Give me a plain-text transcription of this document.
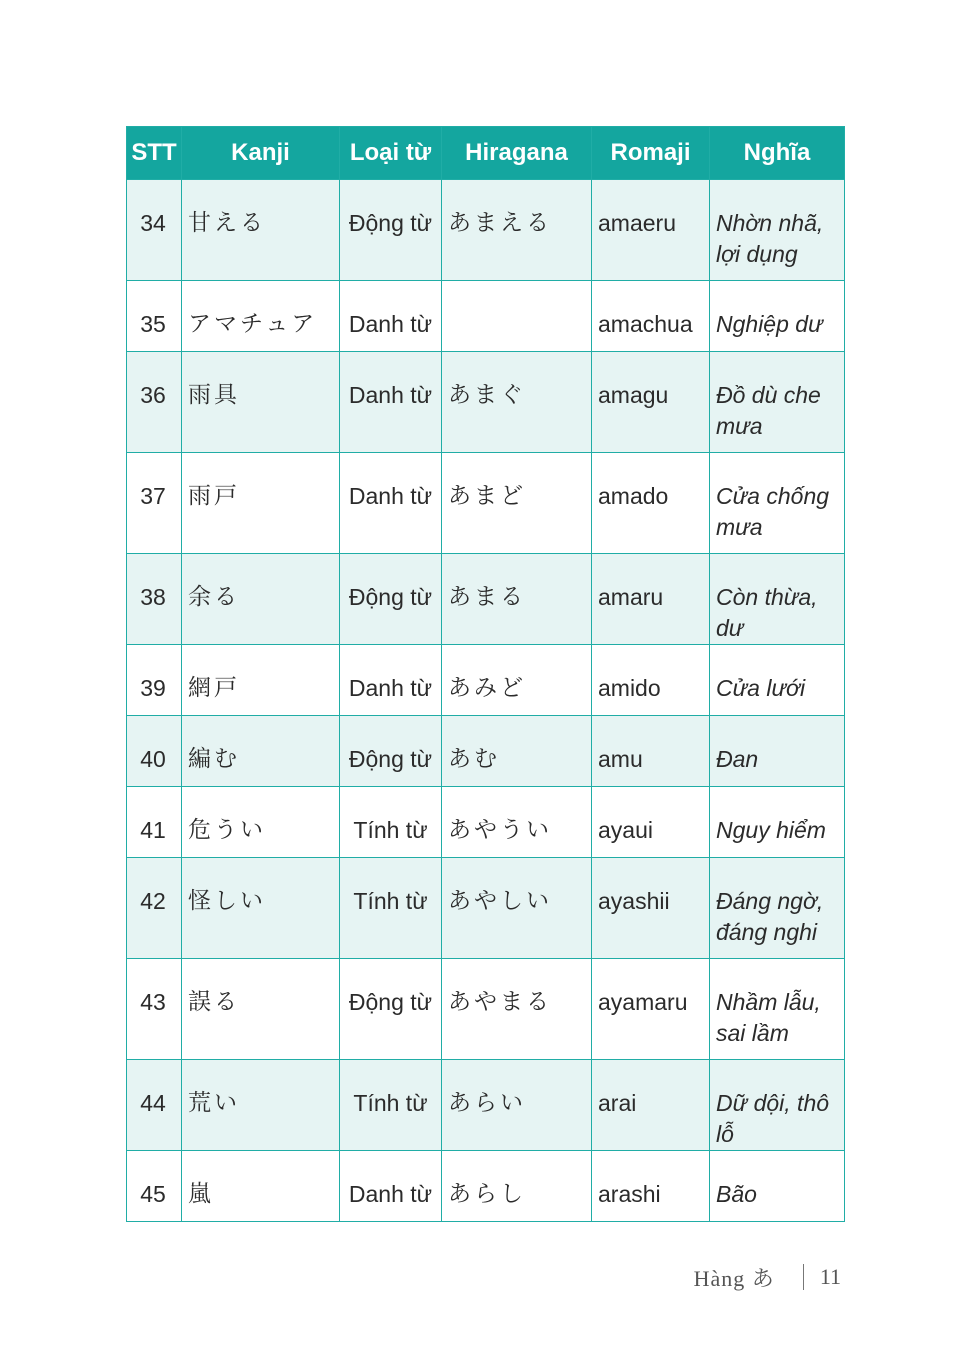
STT	Kanji	Loại từ	Hiragana	Romaji	Nghĩa
34	甘える	Động từ	あまえる	amaeru	Nhờn nhã, lợi dụng
35	アマチュア	Danh từ		amachua	Nghiệp dư
36	雨具	Danh từ	あまぐ	amagu	Đồ dù che mưa
37	雨戸	Danh từ	あまど	amado	Cửa chống mưa
38	余る	Động từ	あまる	amaru	Còn thừa, dư
39	網戸	Danh từ	あみど	amido	Cửa lưới
40	編む	Động từ	あむ	amu	Đan
41	危うい	Tính từ	あやうい	ayaui	Nguy hiểm
42	怪しい	Tính từ	あやしい	ayashii	Đáng ngờ, đáng nghi
43	誤る	Động từ	あやまる	ayamaru	Nhầm lẫu, sai lầm
44	荒い	Tính từ	あらい	arai	Dữ dội, thô lỗ
45	嵐	Danh từ	あらし	arashi	Bão
Hàng あ 11
